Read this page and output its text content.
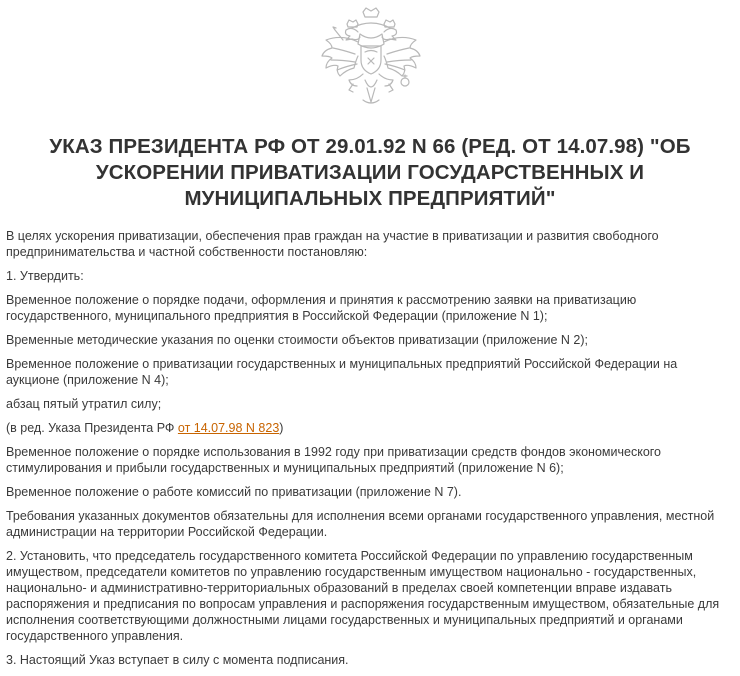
УКАЗ ПРЕЗИДЕНТА РФ ОТ 29.01.92 N 66 (РЕД. ОТ 14.07.98) "ОБ УСКОРЕНИИ ПРИВАТИЗАЦИИ ГОСУДАРСТВЕННЫХ И МУНИЦИПАЛЬНЫХ ПРЕДПРИЯТИЙ"

В целях ускорения приватизации, обеспечения прав граждан на участие в приватизации и развития свободного предпринимательства и частной собственности постановляю:

1. Утвердить:

Временное положение о порядке подачи, оформления и принятия к рассмотрению заявки на приватизацию государственного, муниципального предприятия в Российской Федерации (приложение N 1);

Временные методические указания по оценки стоимости объектов приватизации (приложение N 2);

Временное положение о приватизации государственных и муниципальных предприятий Российской Федерации на аукционе (приложение N 4);

абзац пятый утратил силу;

(в ред. Указа Президента РФ от 14.07.98 N 823)

Временное положение о порядке использования в 1992 году при приватизации средств фондов экономического стимулирования и прибыли государственных и муниципальных предприятий (приложение N 6);

Временное положение о работе комиссий по приватизации (приложение N 7).

Требования указанных документов обязательны для исполнения всеми органами государственного управления, местной администрации на территории Российской Федерации.

2. Установить, что председатель государственного комитета Российской Федерации по управлению государственным имуществом, председатели комитетов по управлению государственным имуществом национально - государственных, национально- и административно-территориальных образований в пределах своей компетенции вправе издавать распоряжения и предписания по вопросам управления и распоряжения государственным имуществом, обязательные для исполнения соответствующими должностными лицами государственных и муниципальных предприятий и органами государственного управления.

3. Настоящий Указ вступает в силу с момента подписания.
